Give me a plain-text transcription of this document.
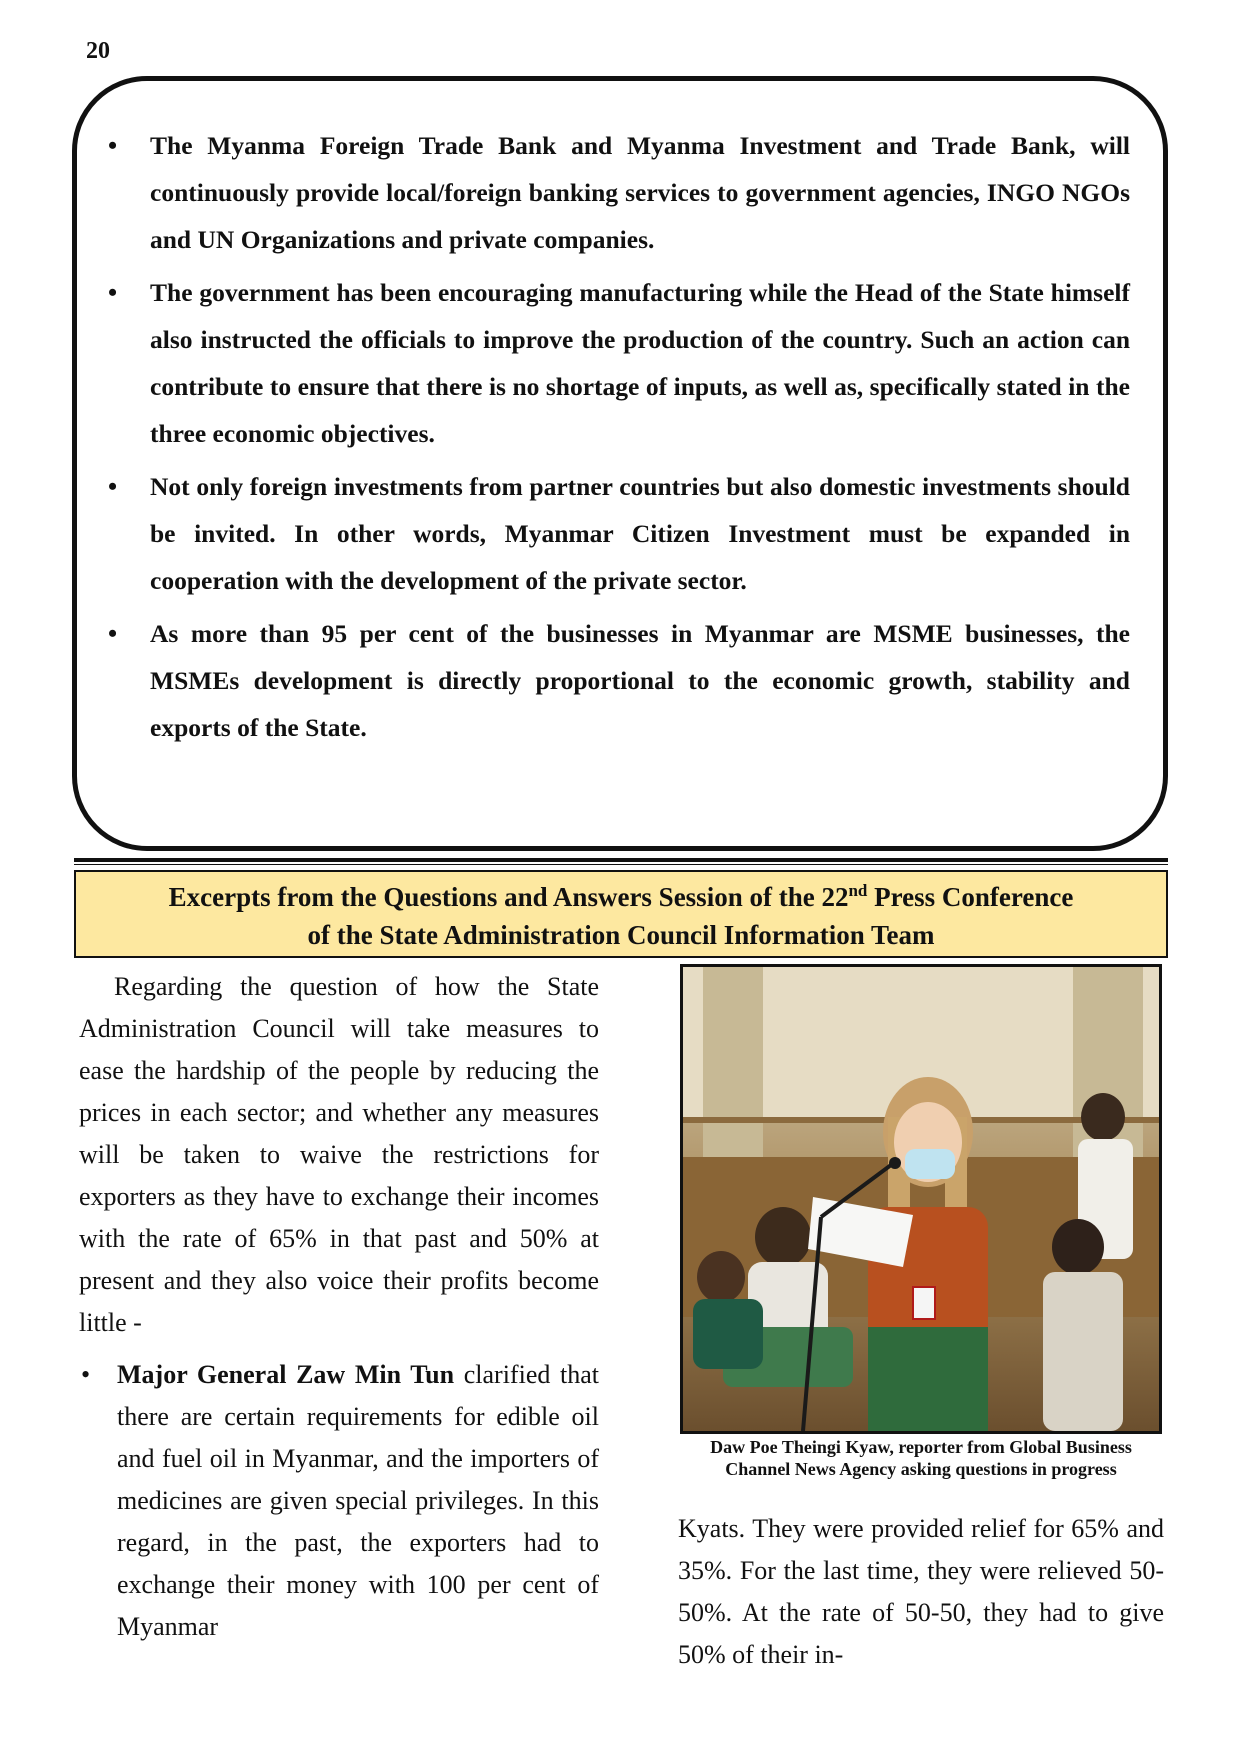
20
• The Myanma Foreign Trade Bank and Myanma Investment and Trade Bank, will continuously provide local/foreign banking services to government agencies, INGO NGOs and UN Organizations and private companies.
• The government has been encouraging manufacturing while the Head of the State himself also instructed the officials to improve the production of the country. Such an action can contribute to ensure that there is no shortage of inputs, as well as, specifically stated in the three economic objectives.
• Not only foreign investments from partner countries but also domestic investments should be invited. In other words, Myanmar Citizen Investment must be expanded in cooperation with the development of the private sector.
• As more than 95 per cent of the businesses in Myanmar are MSME businesses, the MSMEs development is directly proportional to the economic growth, stability and exports of the State.
Excerpts from the Questions and Answers Session of the 22nd Press Conference
of the State Administration Council Information Team

Regarding the question of how the State Administration Council will take measures to ease the hardship of the people by reducing the prices in each sector; and whether any measures will be taken to waive the restrictions for exporters as they have to exchange their incomes with the rate of 65% in that past and 50% at present and they also voice their profits become little -

• Major General Zaw Min Tun clarified that there are certain requirements for edible oil and fuel oil in Myanmar, and the importers of medicines are given special privileges. In this regard, in the past, the exporters had to exchange their money with 100 per cent of Myanmar
Daw Poe Theingi Kyaw, reporter from Global Business Channel News Agency asking questions in progress

Kyats. They were provided relief for 65% and 35%. For the last time, they were relieved 50-50%. At the rate of 50-50, they had to give 50% of their in-
